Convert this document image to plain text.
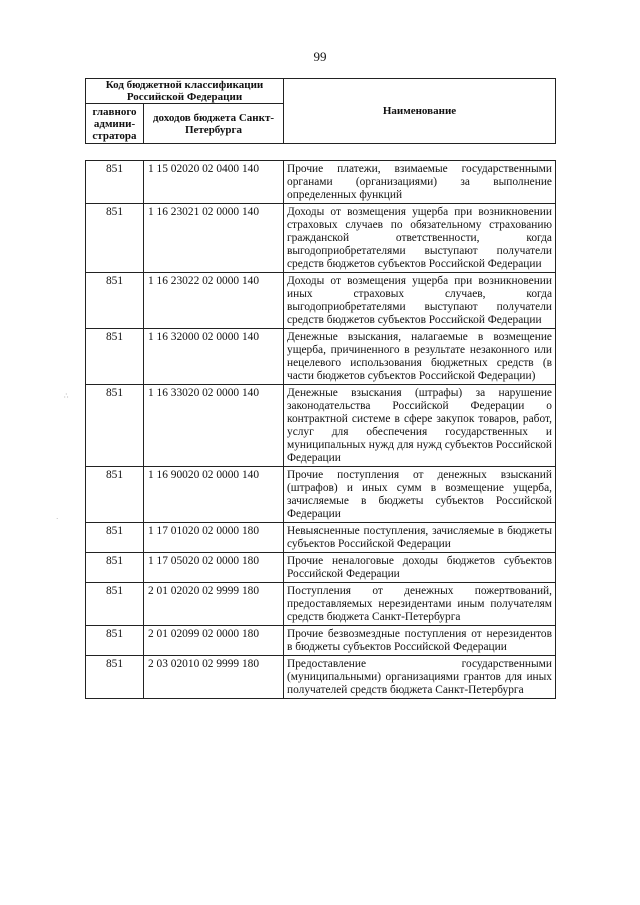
99
Код бюджетной классификации Российской Федерации		Наименование
главного админи-стратора	доходов бюджета Санкт-Петербурга	
851	1 15 02020 02 0400 140	Прочие платежи, взимаемые государственными органами (организациями) за выполнение определенных функций
851	1 16 23021 02 0000 140	Доходы от возмещения ущерба при возникновении страховых случаев по обязательному страхованию гражданской ответственности, когда выгодоприобретателями выступают получатели средств бюджетов субъектов Российской Федерации
851	1 16 23022 02 0000 140	Доходы от возмещения ущерба при возникновении иных страховых случаев, когда выгодоприобретателями выступают получатели средств бюджетов субъектов Российской Федерации
851	1 16 32000 02 0000 140	Денежные взыскания, налагаемые в возмещение ущерба, причиненного в результате незаконного или нецелевого использования бюджетных средств (в части бюджетов субъектов Российской Федерации)
851	1 16 33020 02 0000 140	Денежные взыскания (штрафы) за нарушение законодательства Российской Федерации о контрактной системе в сфере закупок товаров, работ, услуг для обеспечения государственных и муниципальных нужд для нужд субъектов Российской Федерации
851	1 16 90020 02 0000 140	Прочие поступления от денежных взысканий (штрафов) и иных сумм в возмещение ущерба, зачисляемые в бюджеты субъектов Российской Федерации
851	1 17 01020 02 0000 180	Невыясненные поступления, зачисляемые в бюджеты субъектов Российской Федерации
851	1 17 05020 02 0000 180	Прочие неналоговые доходы бюджетов субъектов Российской Федерации
851	2 01 02020 02 9999 180	Поступления от денежных пожертвований, предоставляемых нерезидентами иным получателям средств бюджета Санкт-Петербурга
851	2 01 02099 02 0000 180	Прочие безвозмездные поступления от нерезидентов в бюджеты субъектов Российской Федерации
851	2 03 02010 02 9999 180	Предоставление государственными (муниципальными) организациями грантов для иных получателей средств бюджета Санкт-Петербурга
∴
·
